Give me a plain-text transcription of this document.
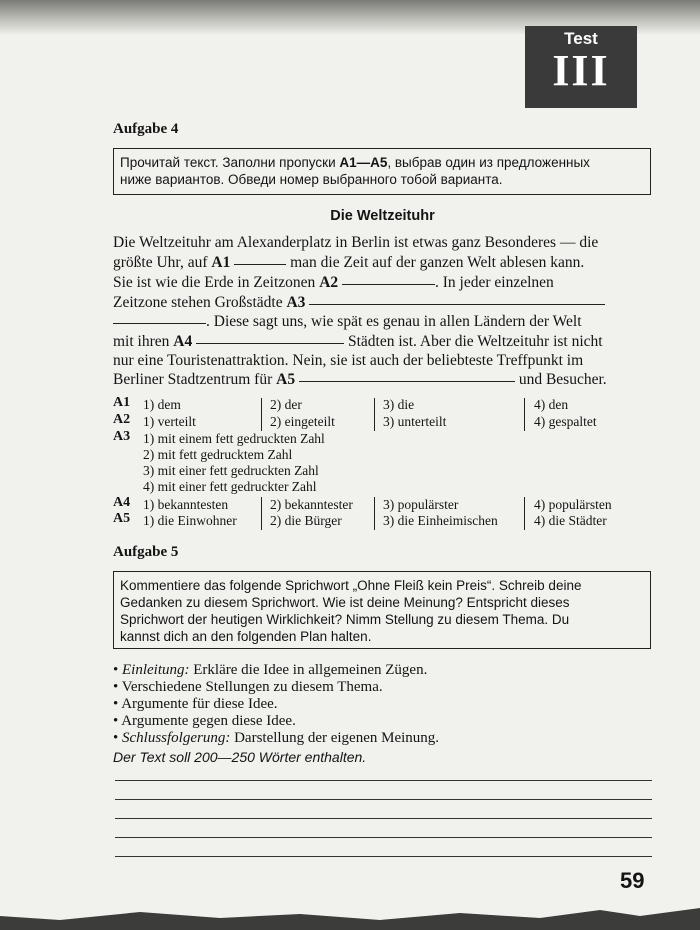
Test
III
Aufgabe 4
Прочитай текст. Заполни пропуски A1—A5, выбрав один из предложенных
ниже вариантов. Обведи номер выбранного тобой варианта.
Die Weltzeituhr
Die Weltzeituhr am Alexanderplatz in Berlin ist etwas ganz Besonderes — die
größte Uhr, auf A1	man die Zeit auf der ganzen Welt ablesen kann.
Sie ist wie die Erde in Zeitzonen A2	. In jeder einzelnen
Zeitzone stehen Großstädte A3
. Diese sagt uns, wie spät es genau in allen Ländern der Welt
mit ihren A4	Städten ist. Aber die Weltzeituhr ist nicht
nur eine Touristenattraktion. Nein, sie ist auch der beliebteste Treffpunkt im
Berliner Stadtzentrum für A5	und Besucher.
A1 1) dem	2) der	3) die	4) den
A2 1) verteilt	2) eingeteilt	3) unterteilt	4) gespaltet
A3 1) mit einem fett gedruckten Zahl
2) mit fett gedrucktem Zahl
3) mit einer fett gedruckten Zahl
4) mit einer fett gedruckter Zahl
A4 1) bekanntesten	2) bekanntester 3) populärster	4) populärsten
A5 1) die Einwohner 2) die Bürger	3) die Einheimischen	4) die Städter
Aufgabe 5
Kommentiere das folgende Sprichwort „Ohne Fleiß kein Preis“. Schreib deine
Gedanken zu diesem Sprichwort. Wie ist deine Meinung? Entspricht dieses
Sprichwort der heutigen Wirklichkeit? Nimm Stellung zu diesem Thema. Du
kannst dich an den folgenden Plan halten.
• Einleitung: Erkläre die Idee in allgemeinen Zügen.
• Verschiedene Stellungen zu diesem Thema.
• Argumente für diese Idee.
• Argumente gegen diese Idee.
• Schlussfolgerung: Darstellung der eigenen Meinung.
Der Text soll 200—250 Wörter enthalten.
59
